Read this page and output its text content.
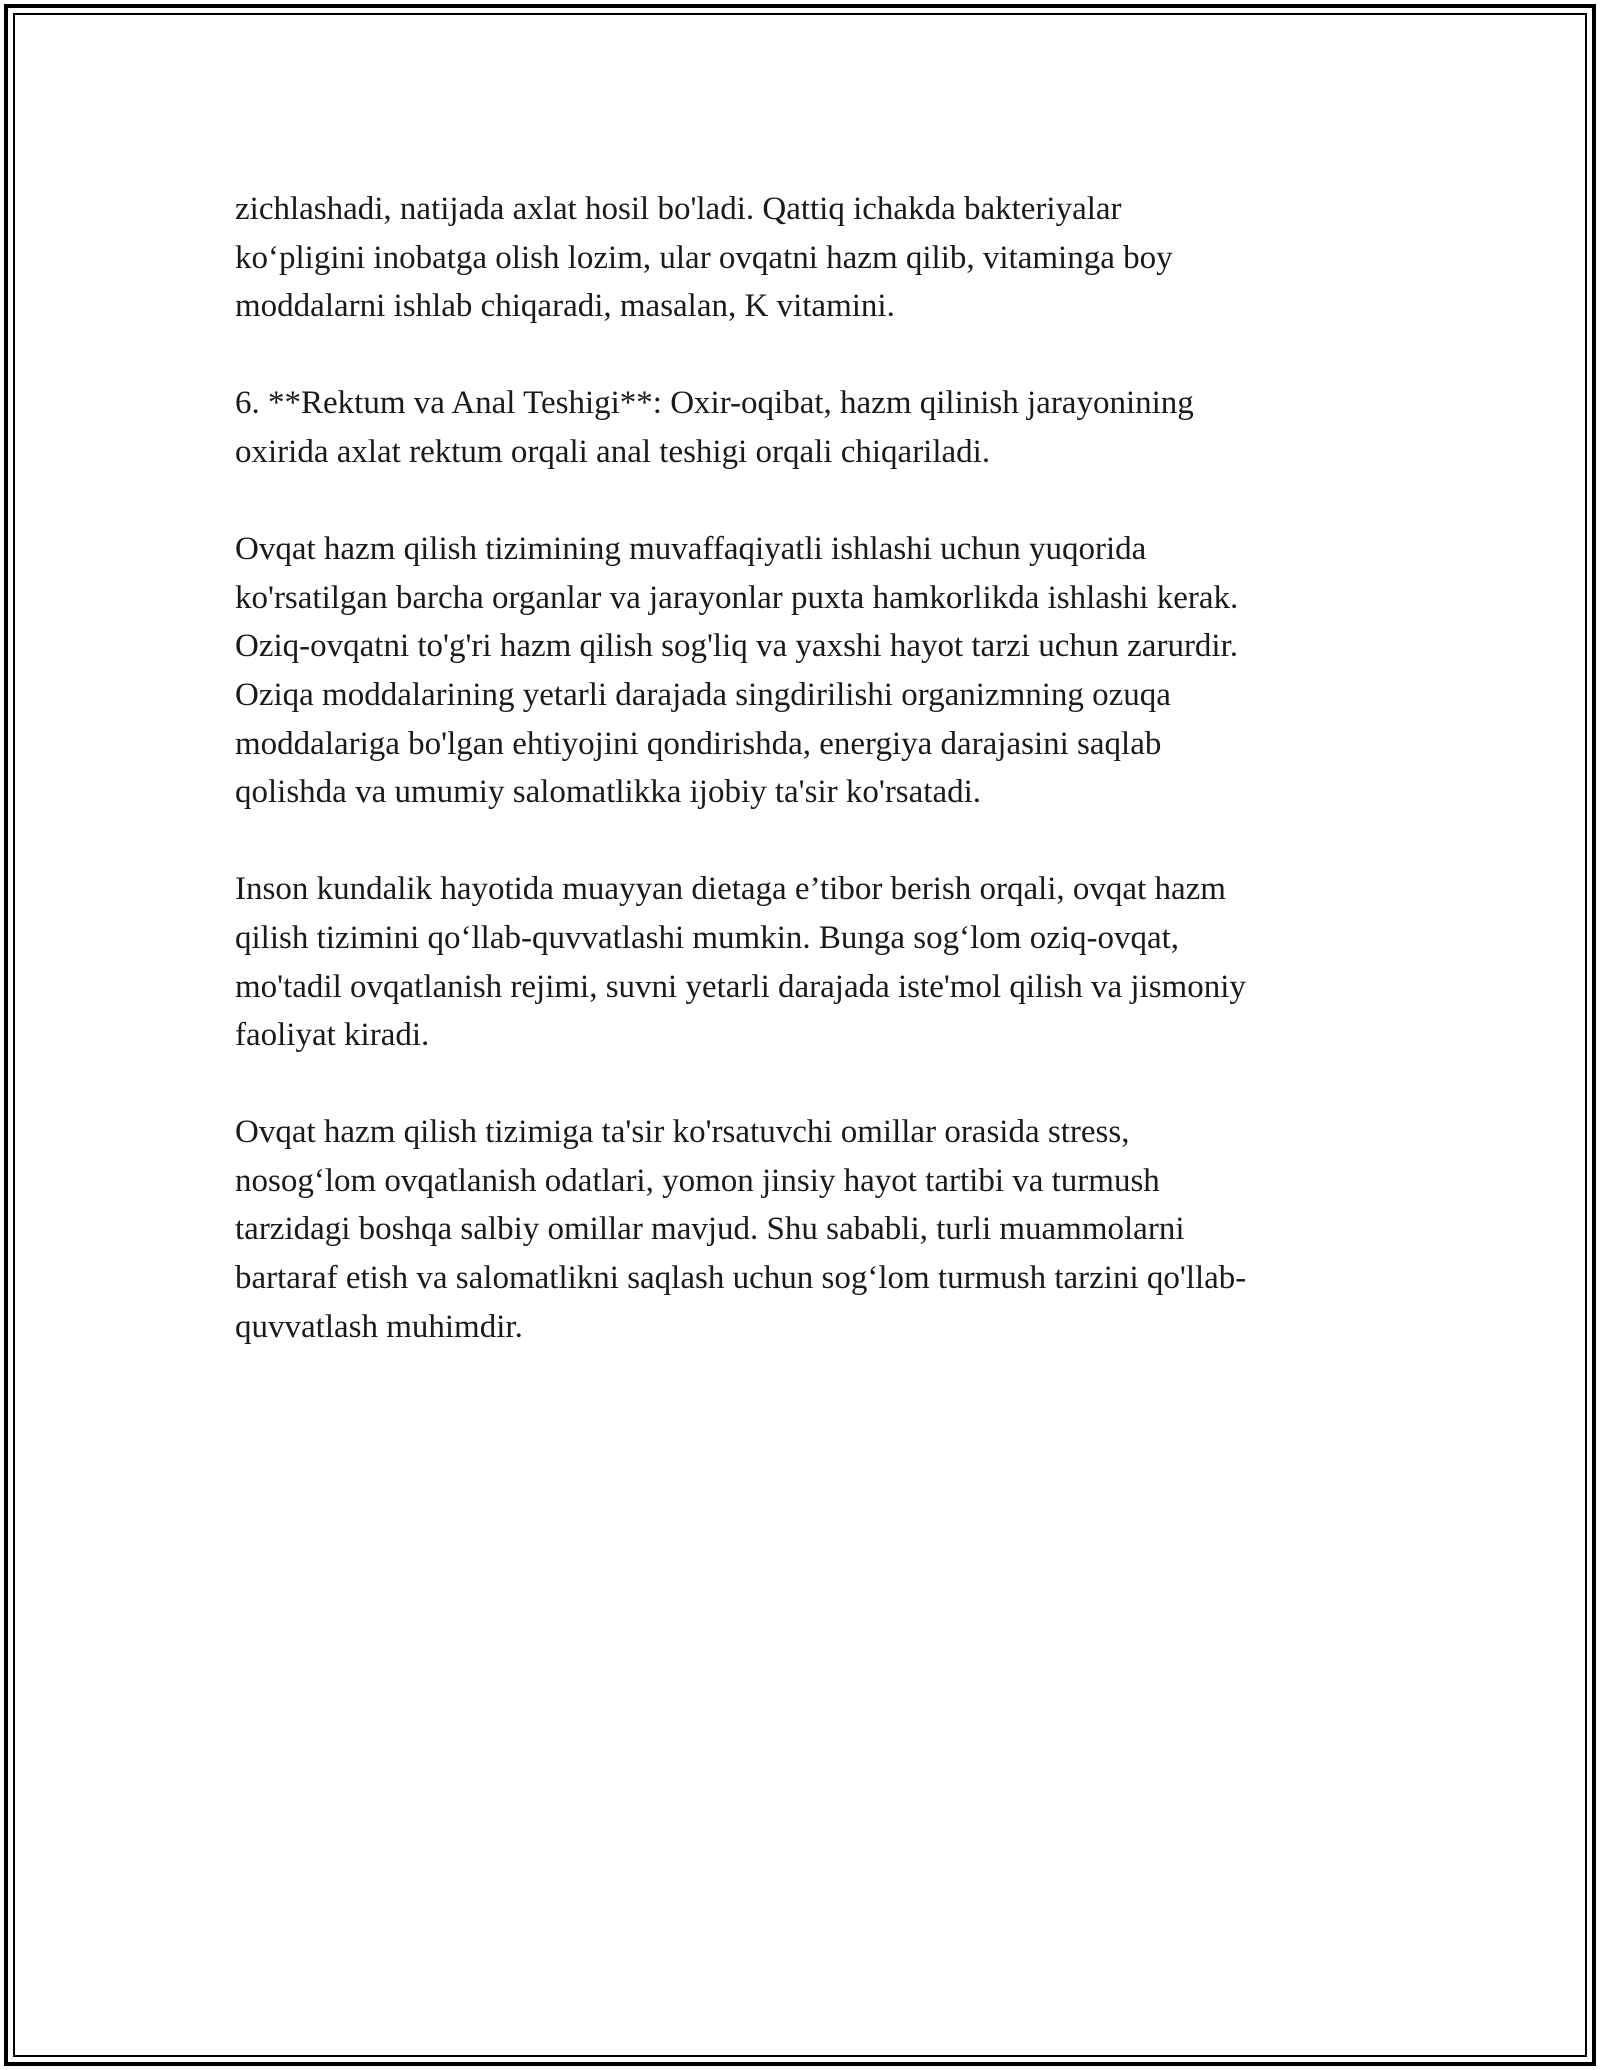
zichlashadi, natijada axlat hosil bo'ladi. Qattiq ichakda bakteriyalar
ko‘pligini inobatga olish lozim, ular ovqatni hazm qilib, vitaminga boy
moddalarni ishlab chiqaradi, masalan, K vitamini.

6. **Rektum va Anal Teshigi**: Oxir-oqibat, hazm qilinish jarayonining
oxirida axlat rektum orqali anal teshigi orqali chiqariladi.

Ovqat hazm qilish tizimining muvaffaqiyatli ishlashi uchun yuqorida
ko'rsatilgan barcha organlar va jarayonlar puxta hamkorlikda ishlashi kerak.
Oziq-ovqatni to'g'ri hazm qilish sog'liq va yaxshi hayot tarzi uchun zarurdir.
Oziqa moddalarining yetarli darajada singdirilishi organizmning ozuqa
moddalariga bo'lgan ehtiyojini qondirishda, energiya darajasini saqlab
qolishda va umumiy salomatlikka ijobiy ta'sir ko'rsatadi.

Inson kundalik hayotida muayyan dietaga e’tibor berish orqali, ovqat hazm
qilish tizimini qo‘llab-quvvatlashi mumkin. Bunga sog‘lom oziq-ovqat,
mo'tadil ovqatlanish rejimi, suvni yetarli darajada iste'mol qilish va jismoniy
faoliyat kiradi.

Ovqat hazm qilish tizimiga ta'sir ko'rsatuvchi omillar orasida stress,
nosog‘lom ovqatlanish odatlari, yomon jinsiy hayot tartibi va turmush
tarzidagi boshqa salbiy omillar mavjud. Shu sababli, turli muammolarni
bartaraf etish va salomatlikni saqlash uchun sog‘lom turmush tarzini qo'llab-
quvvatlash muhimdir.
